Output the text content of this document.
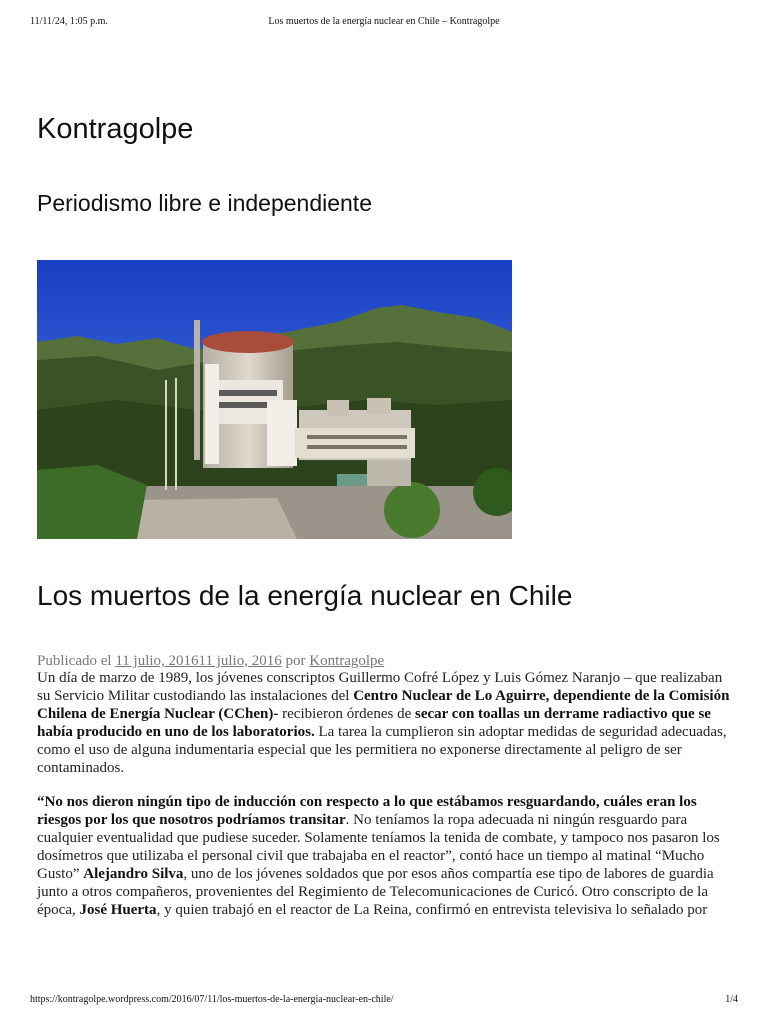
11/11/24, 1:05 p.m.	Los muertos de la energía nuclear en Chile – Kontragolpe
Kontragolpe
Periodismo libre e independiente
Los muertos de la energía nuclear en Chile
Publicado el 11 julio, 201611 julio, 2016 por Kontragolpe

Un día de marzo de 1989, los jóvenes conscriptos Guillermo Cofré López y Luis Gómez Naranjo – que realizaban su Servicio Militar custodiando las instalaciones del Centro Nuclear de Lo Aguirre, dependiente de la Comisión Chilena de Energía Nuclear (CChen)- recibieron órdenes de secar con toallas un derrame radiactivo que se había producido en uno de los laboratorios. La tarea la cumplieron sin adoptar medidas de seguridad adecuadas, como el uso de alguna indumentaria especial que les permitiera no exponerse directamente al peligro de ser contaminados.

“No nos dieron ningún tipo de inducción con respecto a lo que estábamos resguardando, cuáles eran los riesgos por los que nosotros podríamos transitar. No teníamos la ropa adecuada ni ningún resguardo para cualquier eventualidad que pudiese suceder. Solamente teníamos la tenida de combate, y tampoco nos pasaron los dosímetros que utilizaba el personal civil que trabajaba en el reactor”, contó hace un tiempo al matinal “Mucho Gusto” Alejandro Silva, uno de los jóvenes soldados que por esos años compartía ese tipo de labores de guardia junto a otros compañeros, provenientes del Regimiento de Telecomunicaciones de Curicó. Otro conscripto de la época, José Huerta, y quien trabajó en el reactor de La Reina, confirmó en entrevista televisiva lo señalado por

https://kontragolpe.wordpress.com/2016/07/11/los-muertos-de-la-energia-nuclear-en-chile/	1/4
